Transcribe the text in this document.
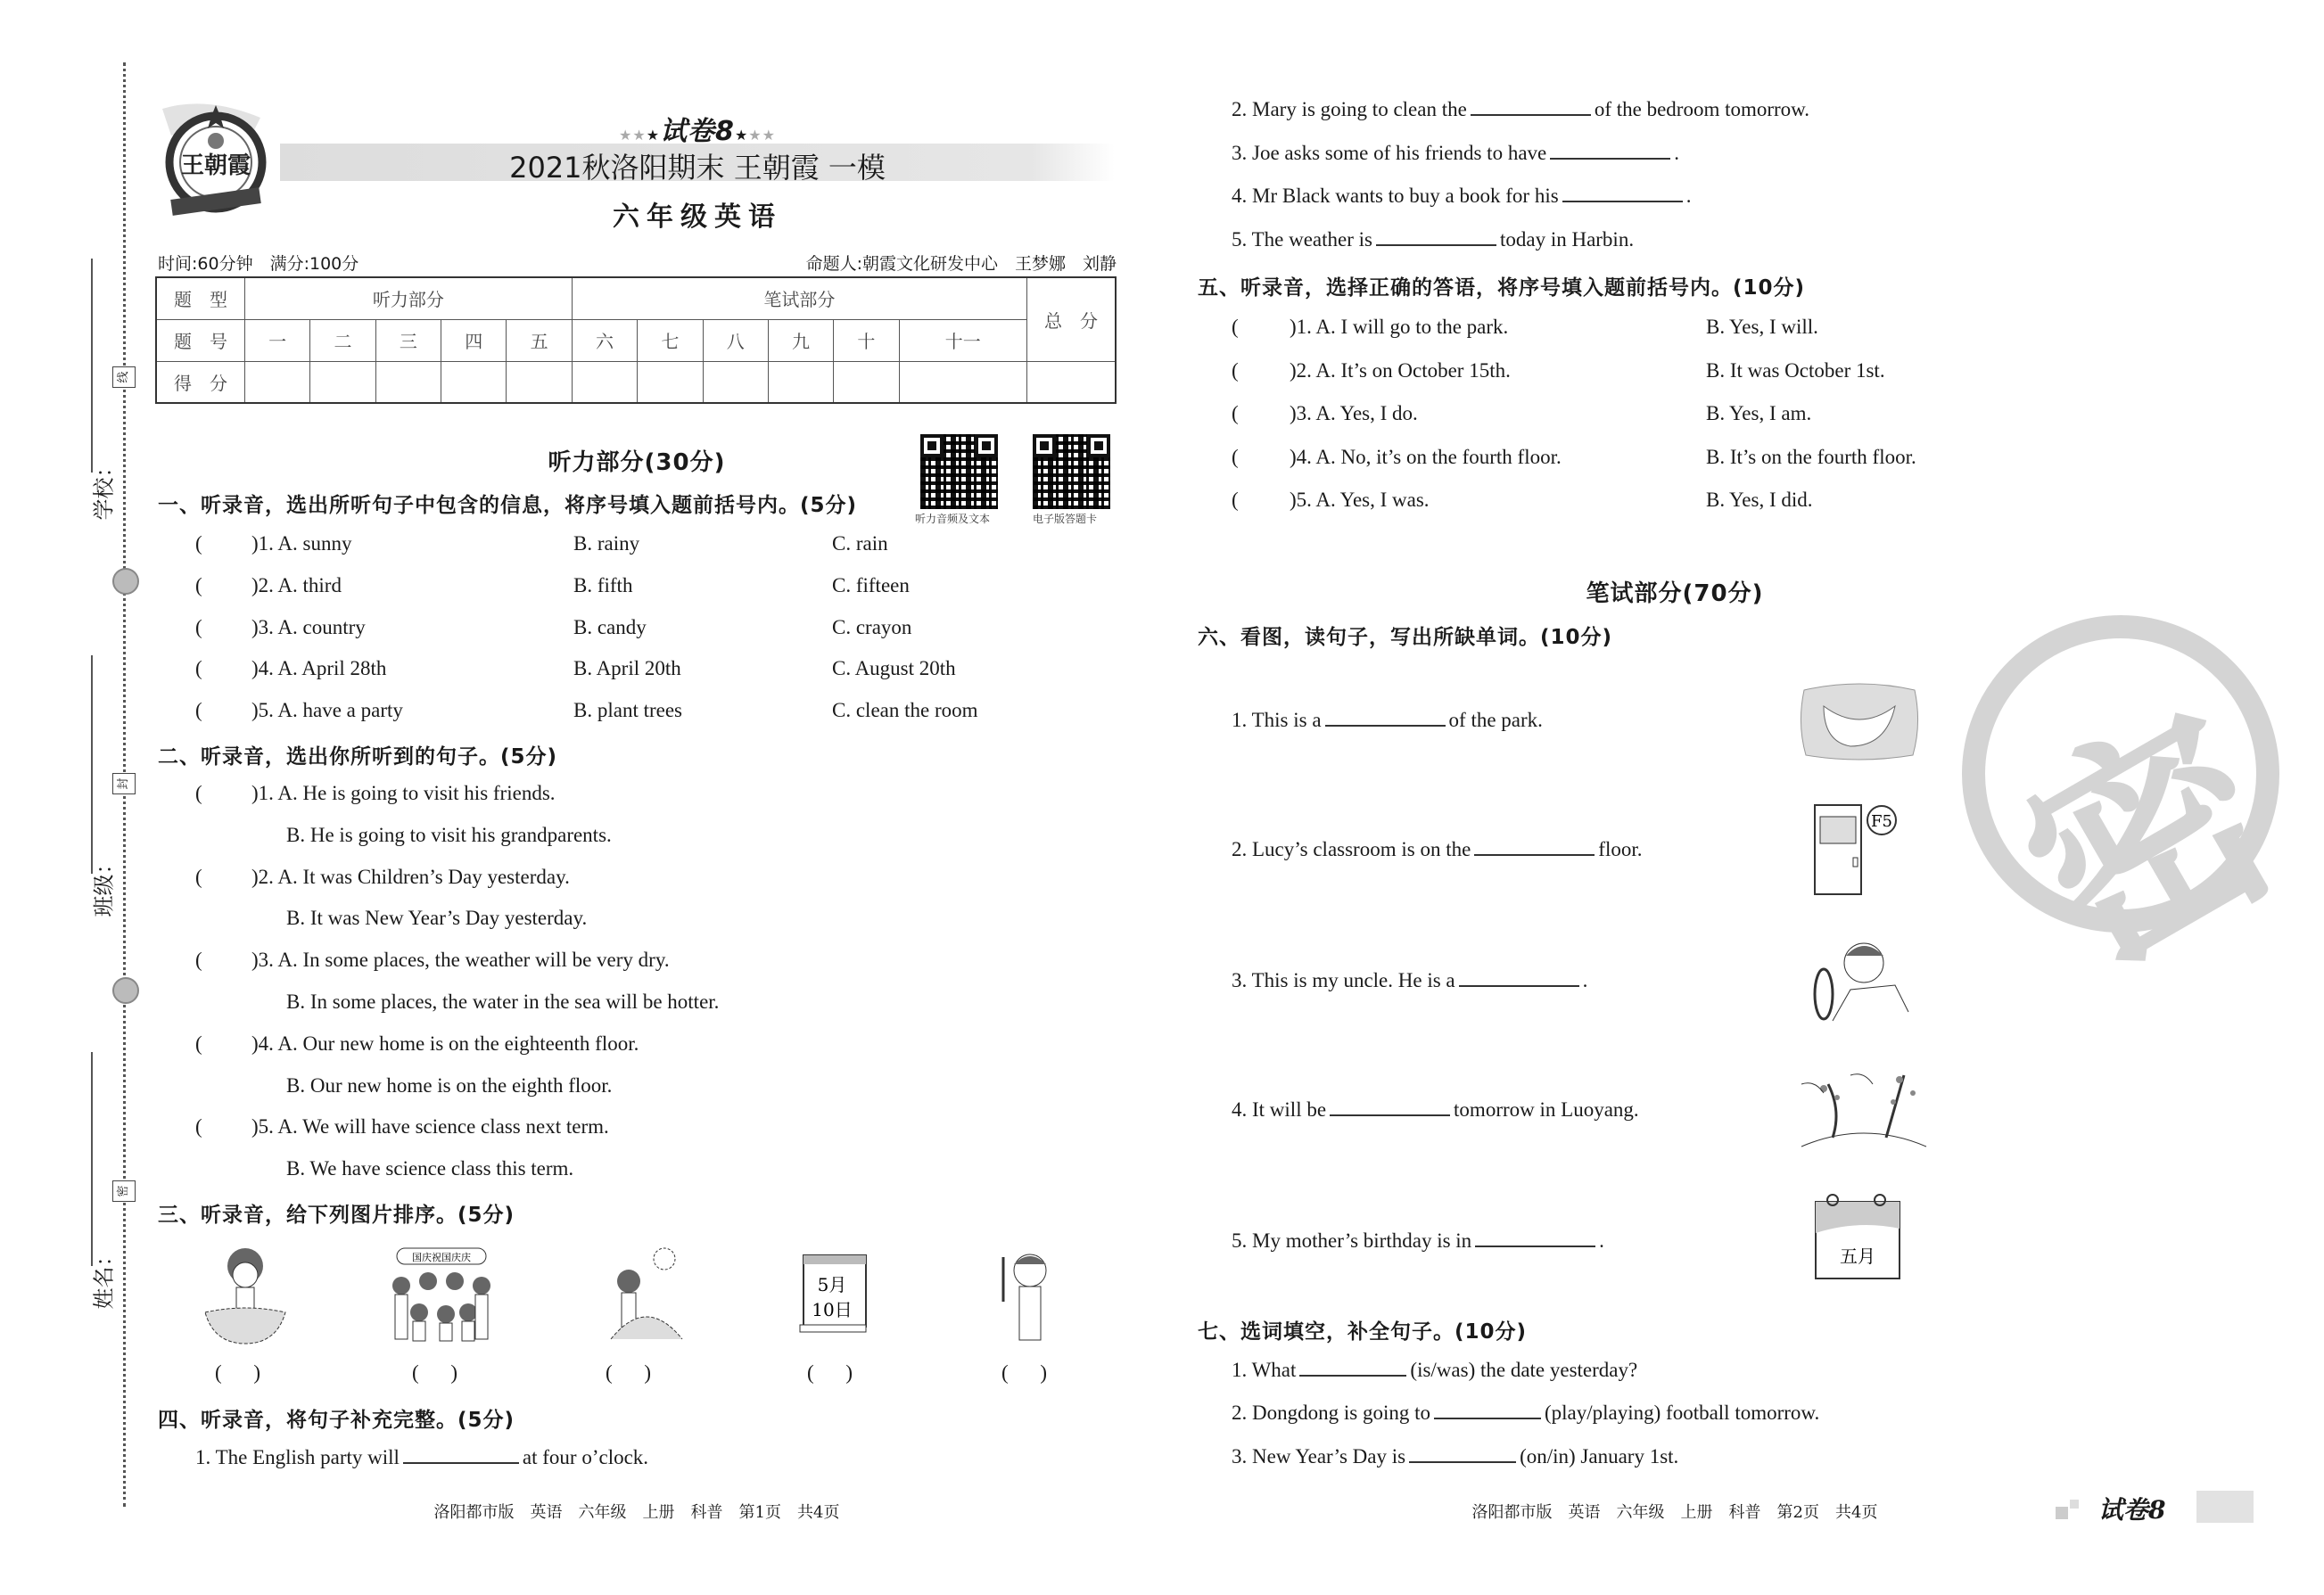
学校：
班级：
姓名：
线
封
密
王朝霞
★★★试卷8★★★
2021秋洛阳期末 王朝霞 一模
六年级英语
时间:60分钟　满分:100分	命题人:朝霞文化研发中心　王梦娜　刘静
题　型	听力部分					笔试部分						总　分
题　号	一	二	三	四	五	六	七	八	九	十	十一	
得　分												
听力部分(30分)
听力音频及文本	电子版答题卡
一、听录音，选出所听句子中包含的信息，将序号填入题前括号内。(5分)
二、听录音，选出你所听到的句子。(5分)
三、听录音，给下列图片排序。(5分)
国庆祝国庆庆
5月
10日
四、听录音，将句子补充完整。(5分)
五、听录音，选择正确的答语，将序号填入题前括号内。(10分)
密
笔试部分(70分)
六、看图，读句子，写出所缺单词。(10分)
F5
五月
七、选词填空，补全句子。(10分)
洛阳都市版　英语　六年级　上册　科普　第1页　共4页	洛阳都市版　英语　六年级　上册　科普　第2页　共4页	试卷8
( )1. A. sunny	B. rainy	C. rain
( )2. A. third	B. fifth	C. fifteen
( )3. A. country	B. candy	C. crayon
( )4. A. April 28th	B. April 20th	C. August 20th
( )5. A. have a party	B. plant trees	C. clean the room
( )1. A. He is going to visit his friends.
B. He is going to visit his grandparents.
( )2. A. It was Children’s Day yesterday.
B. It was New Year’s Day yesterday.
( )3. A. In some places, the weather will be very dry.
B. In some places, the water in the sea will be hotter.
( )4. A. Our new home is on the eighteenth floor.
B. Our new home is on the eighth floor.
( )5. A. We will have science class next term.
B. We have science class this term.
( )	( )	( )	( )	( )
1. The English party will	at four o’clock.
2. Mary is going to clean the	of the bedroom tomorrow.
3. Joe asks some of his friends to have	.
4. Mr Black wants to buy a book for his	.
5. The weather is	today in Harbin.
( )1. A. I will go to the park.	B. Yes, I will.
( )2. A. It’s on October 15th.	B. It was October 1st.
( )3. A. Yes, I do.	B. Yes, I am.
( )4. A. No, it’s on the fourth floor.	B. It’s on the fourth floor.
( )5. A. Yes, I was.	B. Yes, I did.
1. This is a	of the park.
2. Lucy’s classroom is on the	floor.
3. This is my uncle. He is a	.
4. It will be	tomorrow in Luoyang.
5. My mother’s birthday is in	.
1. What	(is/was) the date yesterday?
2. Dongdong is going to	(play/playing) football tomorrow.
3. New Year’s Day is	(on/in) January 1st.
